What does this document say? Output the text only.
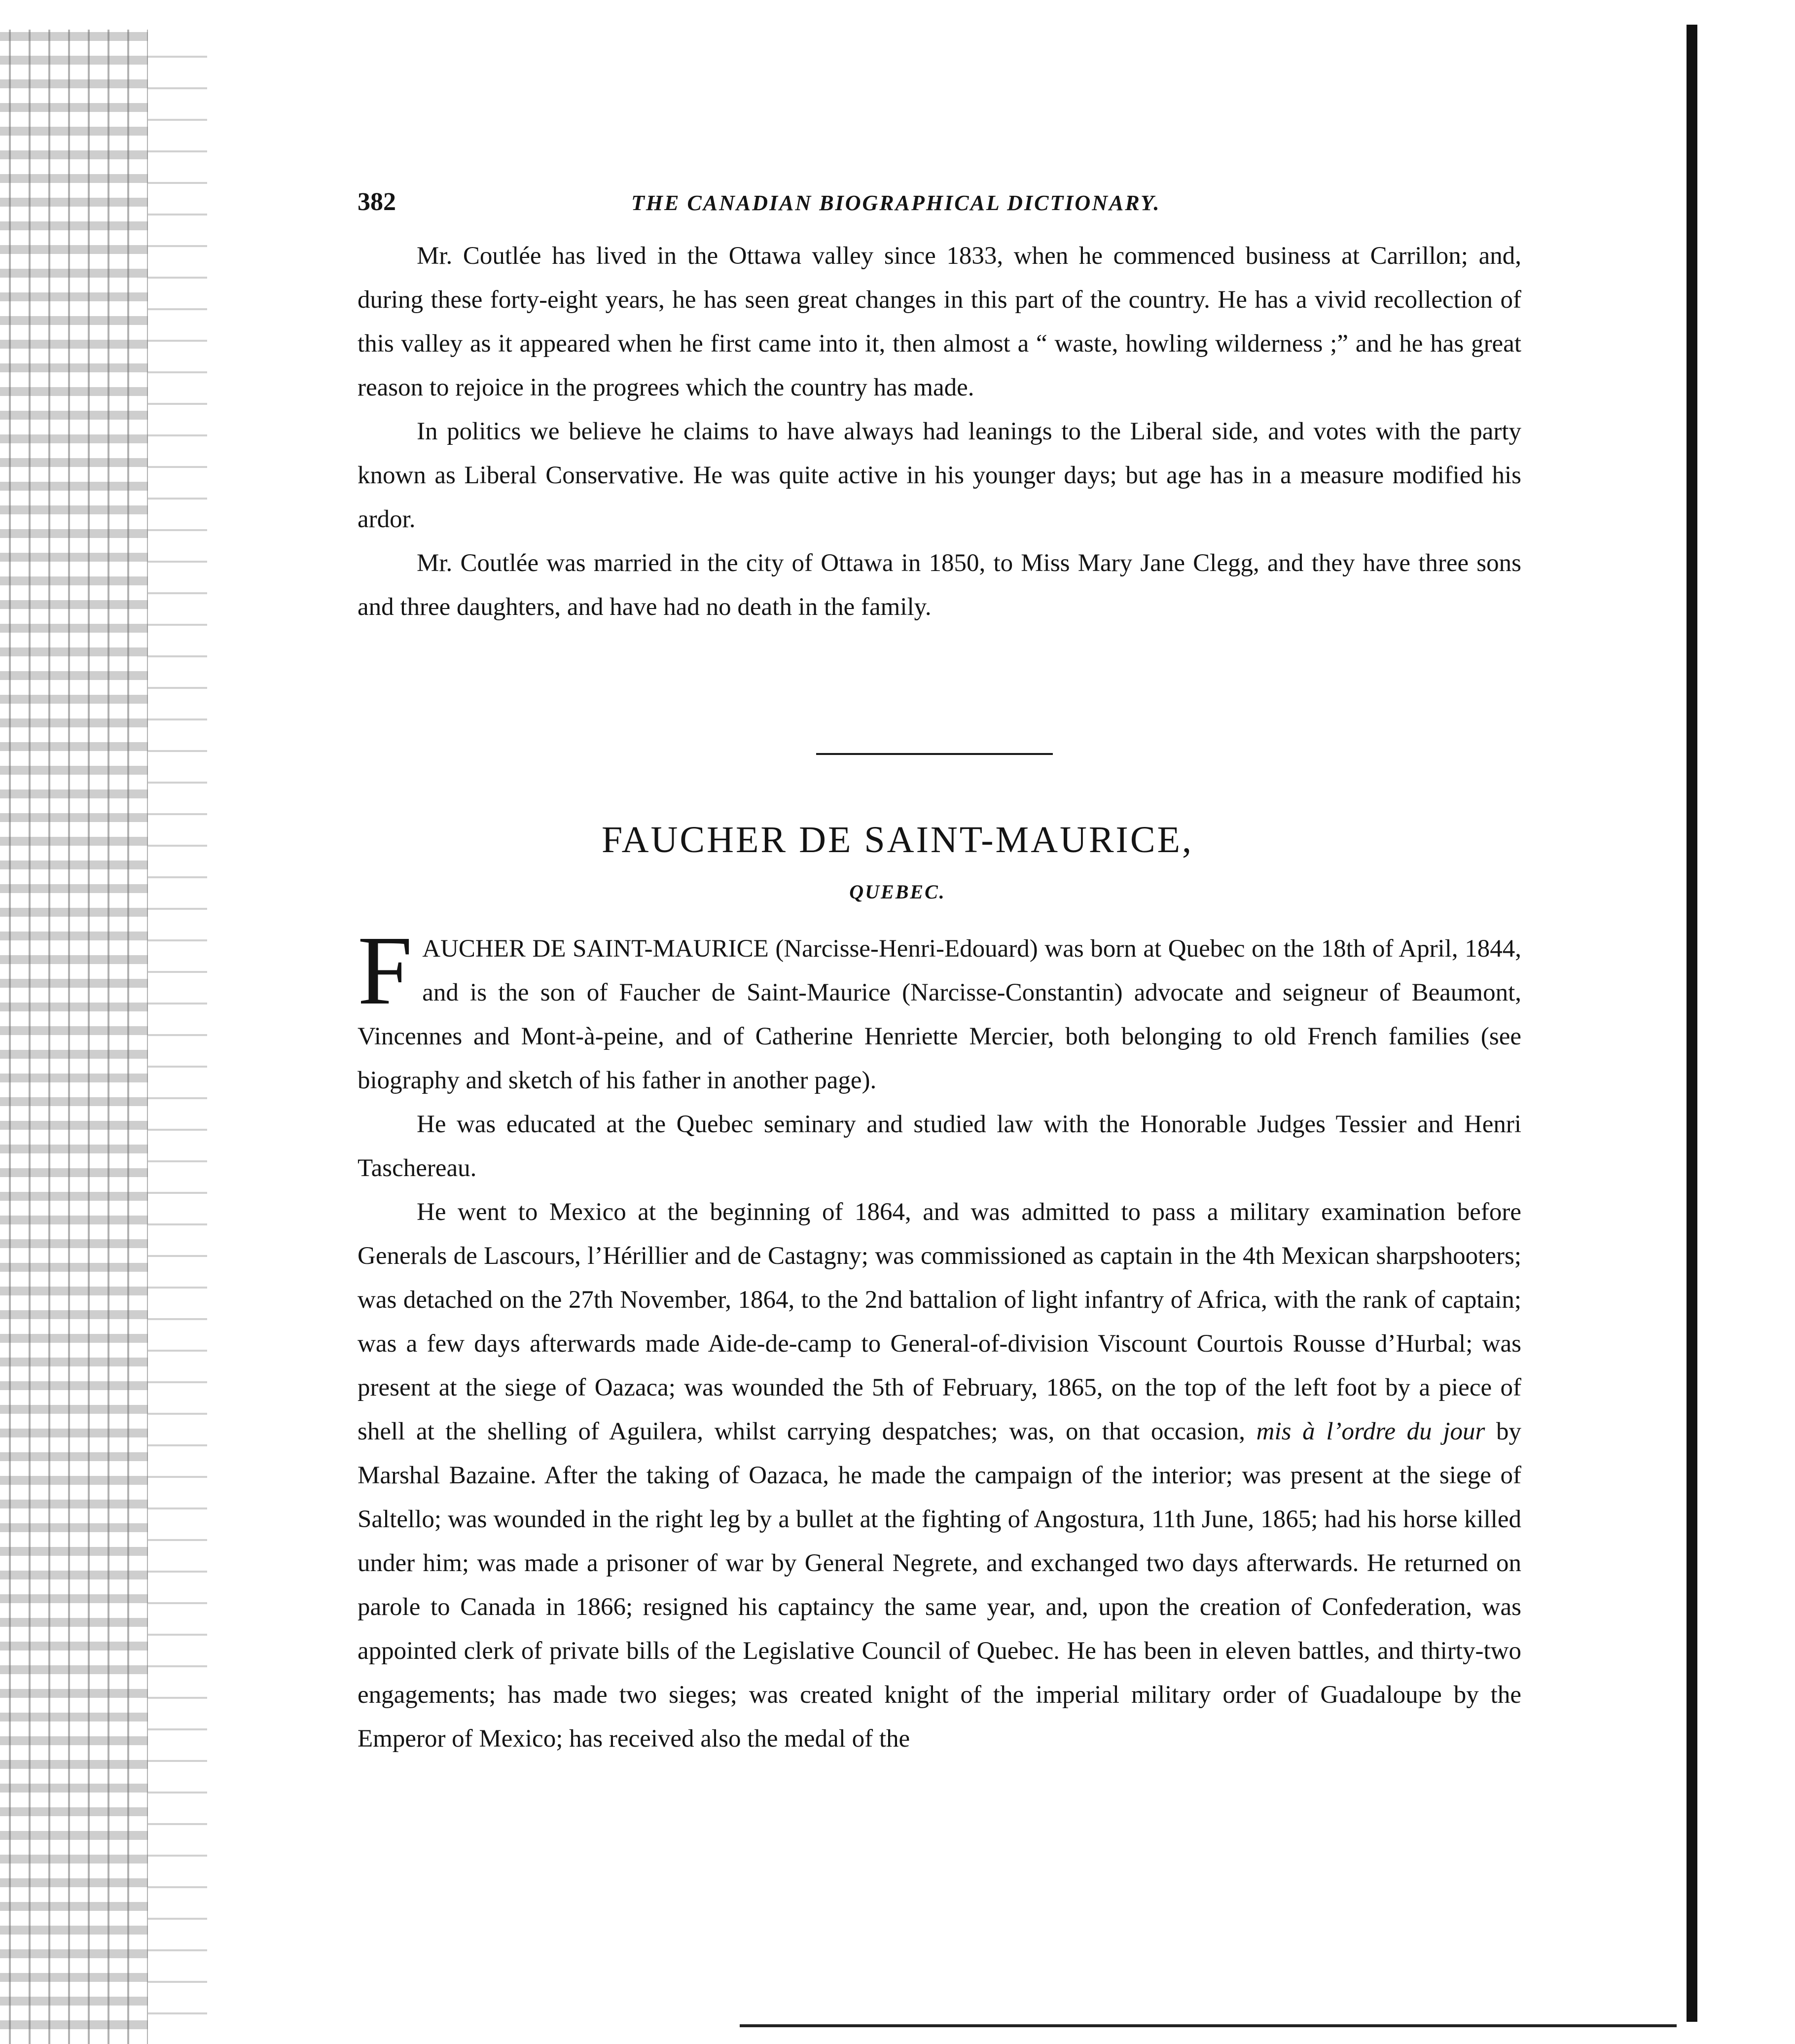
382	THE CANADIAN BIOGRAPHICAL DICTIONARY.

Mr. Coutlée has lived in the Ottawa valley since 1833, when he commenced business at Carrillon; and, during these forty-eight years, he has seen great changes in this part of the country. He has a vivid recollection of this valley as it appeared when he first came into it, then almost a “ waste, howling wilderness ;” and he has great reason to rejoice in the progrees which the country has made.

In politics we believe he claims to have always had leanings to the Liberal side, and votes with the party known as Liberal Conservative. He was quite active in his younger days; but age has in a measure modified his ardor.

Mr. Coutlée was married in the city of Ottawa in 1850, to Miss Mary Jane Clegg, and they have three sons and three daughters, and have had no death in the family.

FAUCHER DE SAINT-MAURICE,
QUEBEC.

FAUCHER DE SAINT-MAURICE (Narcisse-Henri-Edouard) was born at Quebec on the 18th of April, 1844, and is the son of Faucher de Saint-Maurice (Narcisse-Constantin) advocate and seigneur of Beaumont, Vincennes and Mont-à-peine, and of Catherine Henriette Mercier, both belonging to old French families (see biography and sketch of his father in another page).

He was educated at the Quebec seminary and studied law with the Honorable Judges Tessier and Henri Taschereau.

He went to Mexico at the beginning of 1864, and was admitted to pass a military examination before Generals de Lascours, l’Hérillier and de Castagny; was commissioned as captain in the 4th Mexican sharpshooters; was detached on the 27th November, 1864, to the 2nd battalion of light infantry of Africa, with the rank of captain; was a few days afterwards made Aide-de-camp to General-of-division Viscount Courtois Rousse d’Hurbal; was present at the siege of Oazaca; was wounded the 5th of February, 1865, on the top of the left foot by a piece of shell at the shelling of Aguilera, whilst carrying despatches; was, on that occasion, mis à l’ordre du jour by Marshal Bazaine. After the taking of Oazaca, he made the campaign of the interior; was present at the siege of Saltello; was wounded in the right leg by a bullet at the fighting of Angostura, 11th June, 1865; had his horse killed under him; was made a prisoner of war by General Negrete, and exchanged two days afterwards. He returned on parole to Canada in 1866; resigned his captaincy the same year, and, upon the creation of Confederation, was appointed clerk of private bills of the Legislative Council of Quebec. He has been in eleven battles, and thirty-two engagements; has made two sieges; was created knight of the imperial military order of Guadaloupe by the Emperor of Mexico; has received also the medal of the
